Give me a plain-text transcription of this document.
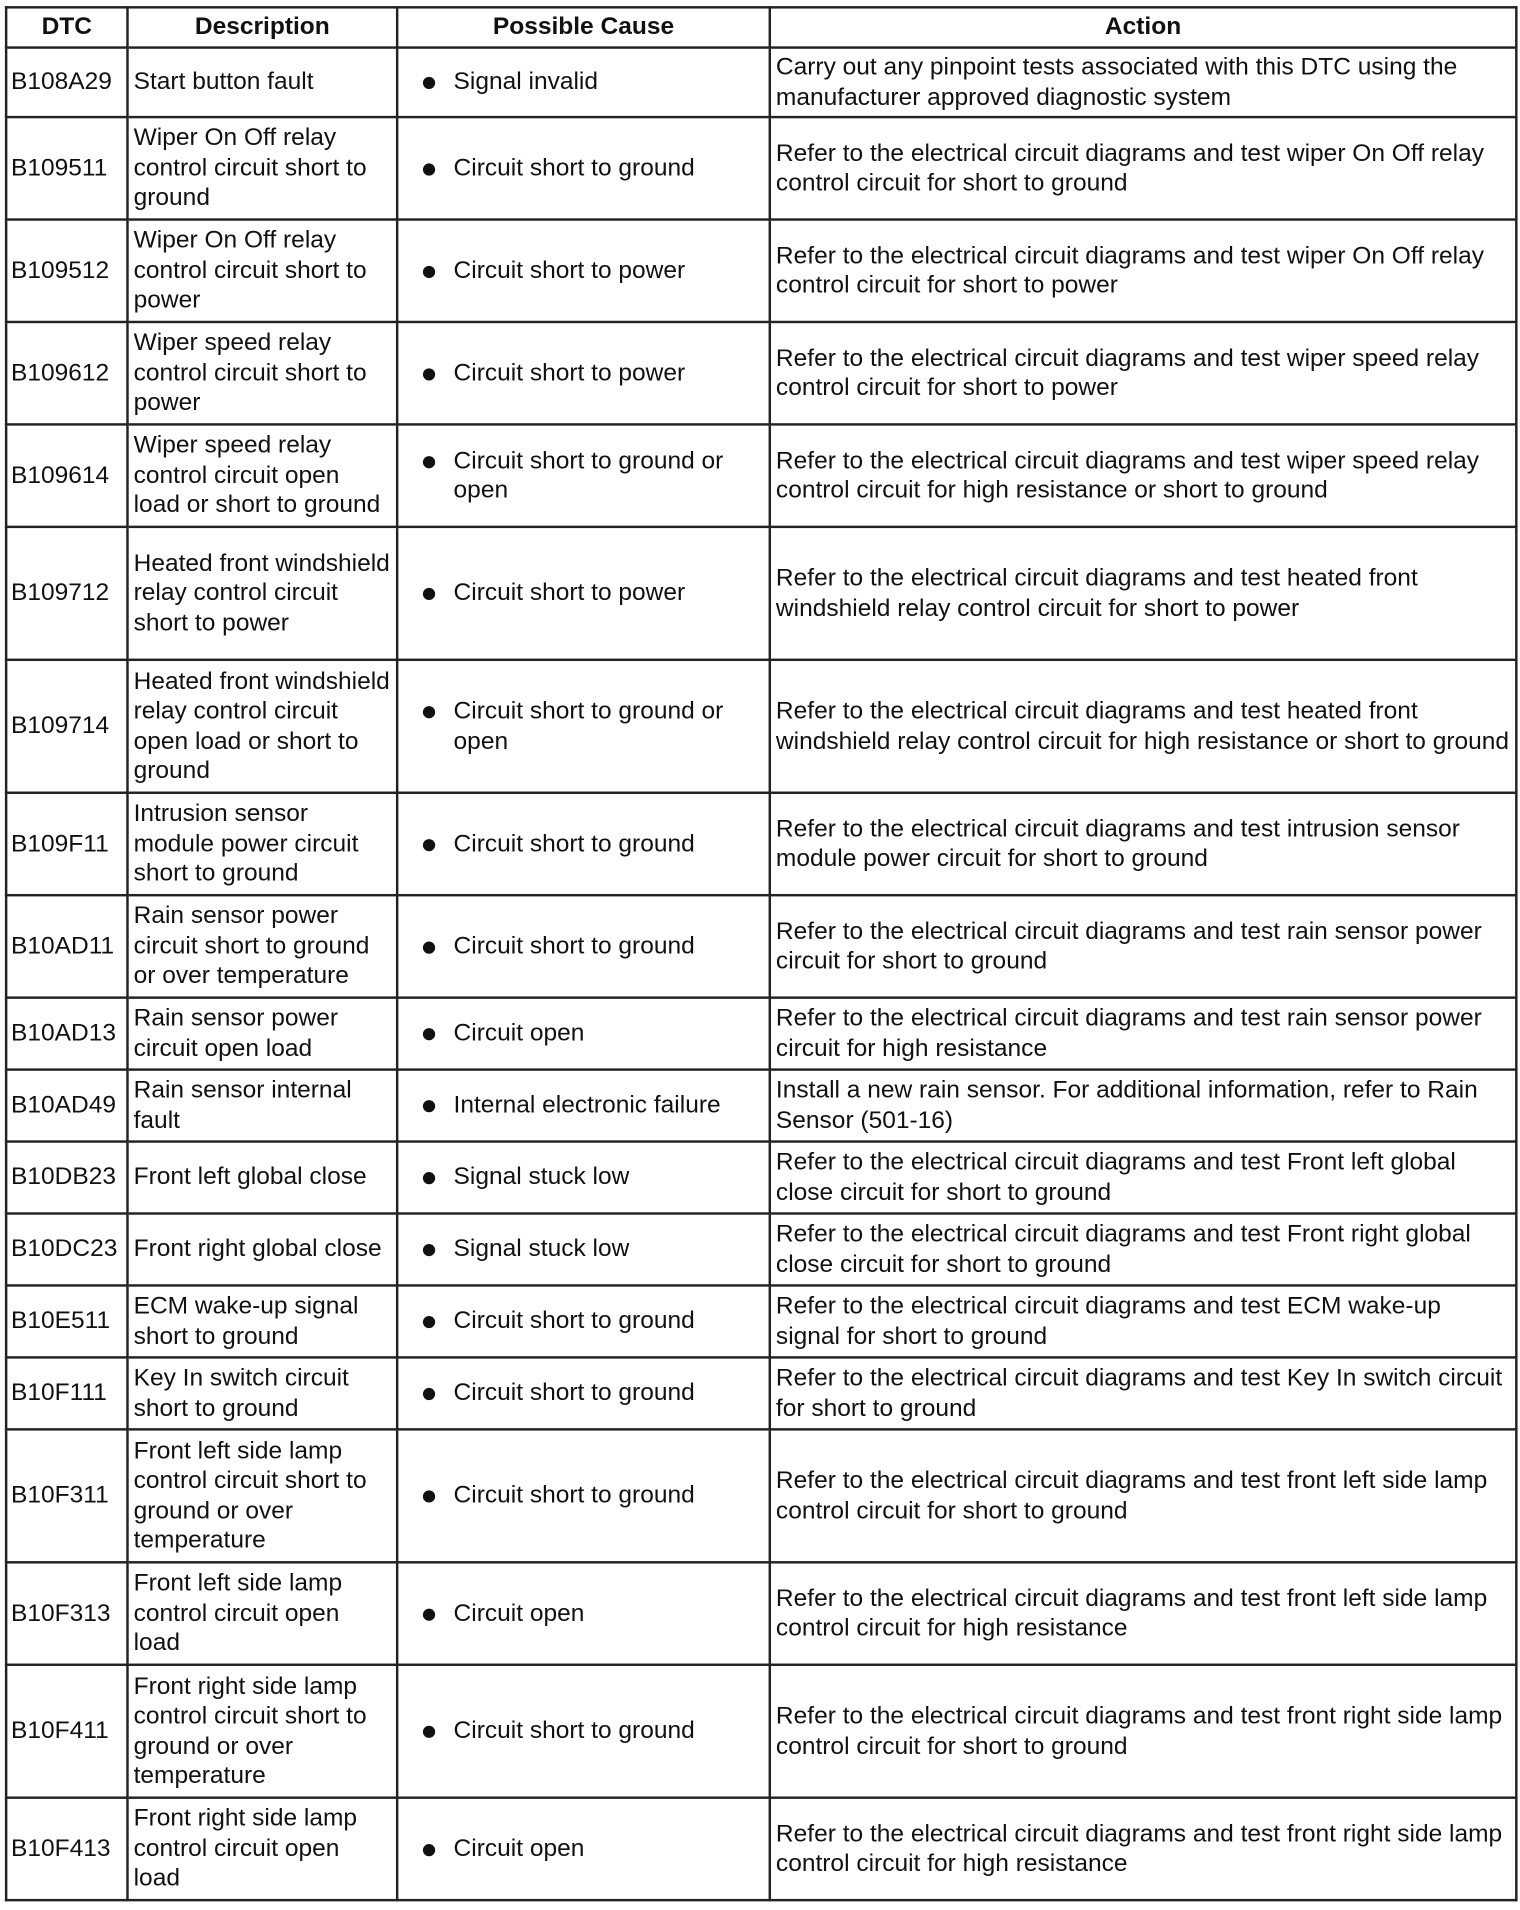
DTC	Description	Possible Cause	Action
B108A29	Start button fault	Signal invalid	Carry out any pinpoint tests associated with this DTC using the manufacturer approved diagnostic system
B109511	Wiper On Off relay control circuit short to ground	Circuit short to ground	Refer to the electrical circuit diagrams and test wiper On Off relay control circuit for short to ground
B109512	Wiper On Off relay control circuit short to power	Circuit short to power	Refer to the electrical circuit diagrams and test wiper On Off relay control circuit for short to power
B109612	Wiper speed relay control circuit short to power	Circuit short to power	Refer to the electrical circuit diagrams and test wiper speed relay control circuit for short to power
B109614	Wiper speed relay control circuit open load or short to ground	Circuit short to ground or open	Refer to the electrical circuit diagrams and test wiper speed relay control circuit for high resistance or short to ground
B109712	Heated front windshield relay control circuit short to power	Circuit short to power	Refer to the electrical circuit diagrams and test heated front windshield relay control circuit for short to power
B109714	Heated front windshield relay control circuit open load or short to ground	Circuit short to ground or open	Refer to the electrical circuit diagrams and test heated front windshield relay control circuit for high resistance or short to ground
B109F11	Intrusion sensor module power circuit short to ground	Circuit short to ground	Refer to the electrical circuit diagrams and test intrusion sensor module power circuit for short to ground
B10AD11	Rain sensor power circuit short to ground or over temperature	Circuit short to ground	Refer to the electrical circuit diagrams and test rain sensor power circuit for short to ground
B10AD13	Rain sensor power circuit open load	Circuit open	Refer to the electrical circuit diagrams and test rain sensor power circuit for high resistance
B10AD49	Rain sensor internal fault	Internal electronic failure	Install a new rain sensor. For additional information, refer to Rain Sensor (501-16)
B10DB23	Front left global close	Signal stuck low	Refer to the electrical circuit diagrams and test Front left global close circuit for short to ground
B10DC23	Front right global close	Signal stuck low	Refer to the electrical circuit diagrams and test Front right global close circuit for short to ground
B10E511	ECM wake-up signal short to ground	Circuit short to ground	Refer to the electrical circuit diagrams and test ECM wake-up signal for short to ground
B10F111	Key In switch circuit short to ground	Circuit short to ground	Refer to the electrical circuit diagrams and test Key In switch circuit for short to ground
B10F311	Front left side lamp control circuit short to ground or over temperature	Circuit short to ground	Refer to the electrical circuit diagrams and test front left side lamp control circuit for short to ground
B10F313	Front left side lamp control circuit open load	Circuit open	Refer to the electrical circuit diagrams and test front left side lamp control circuit for high resistance
B10F411	Front right side lamp control circuit short to ground or over temperature	Circuit short to ground	Refer to the electrical circuit diagrams and test front right side lamp control circuit for short to ground
B10F413	Front right side lamp control circuit open load	Circuit open	Refer to the electrical circuit diagrams and test front right side lamp control circuit for high resistance
